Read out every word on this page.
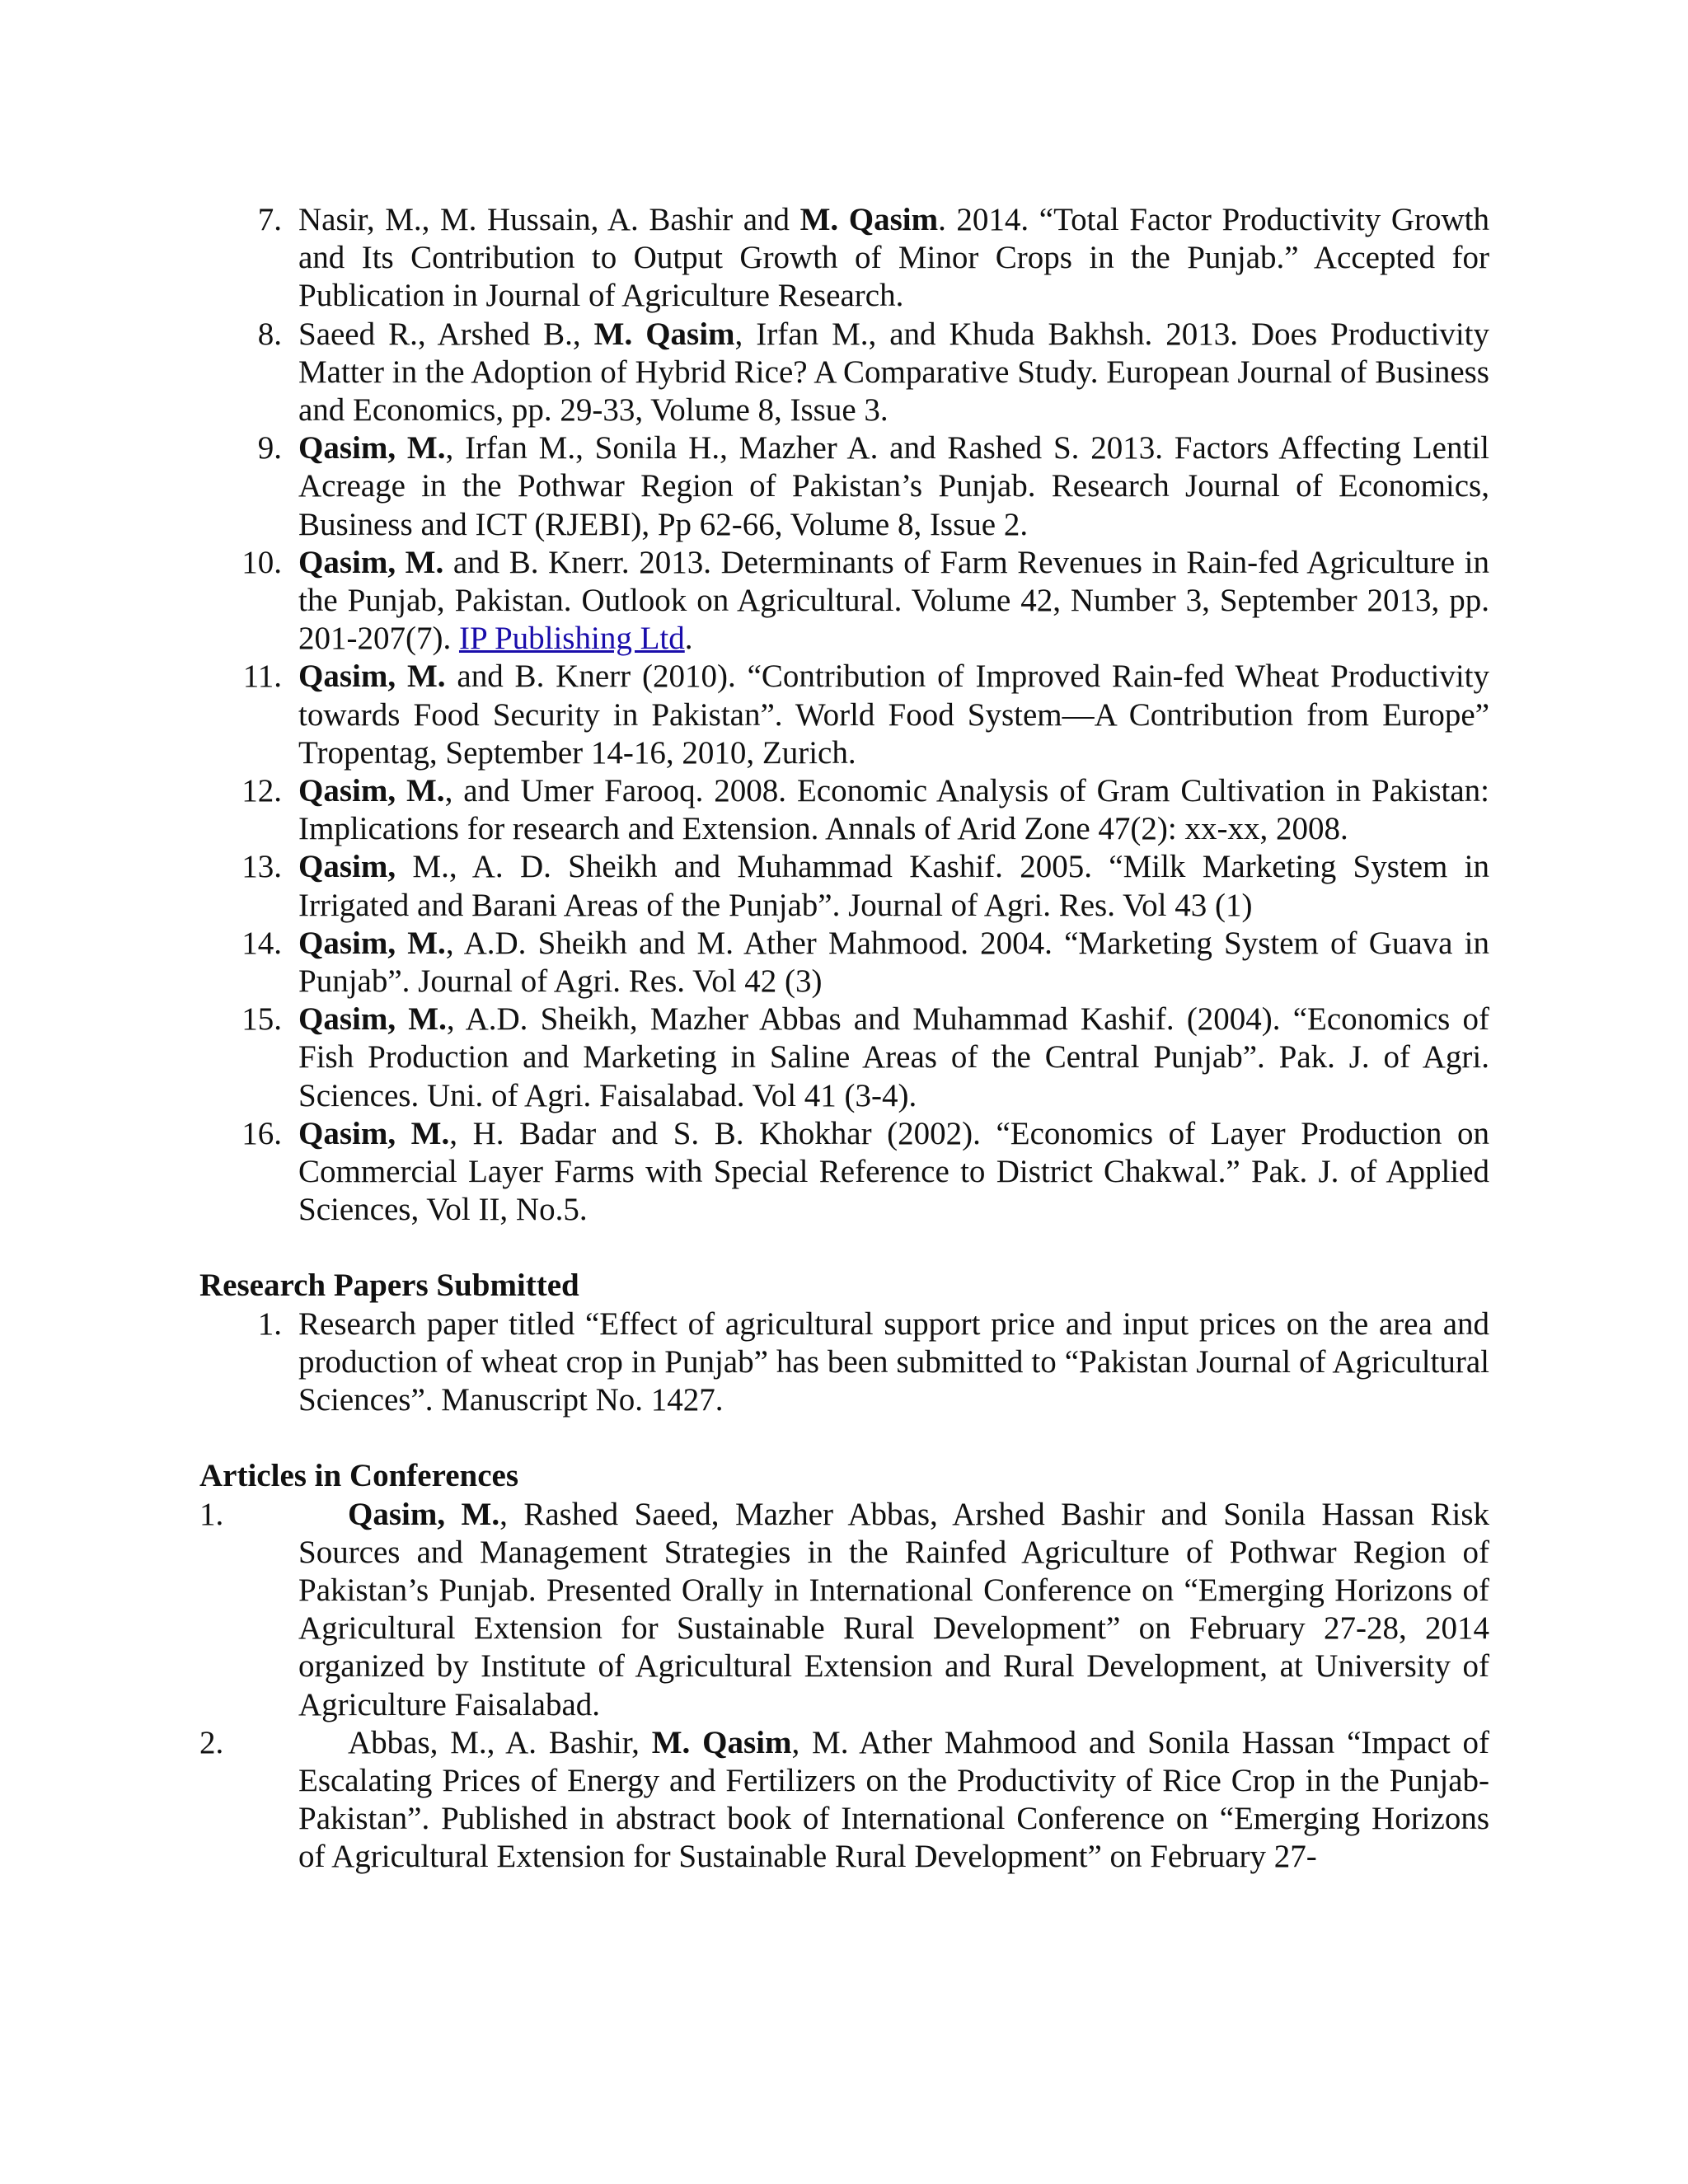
7. Nasir, M., M. Hussain, A. Bashir and M. Qasim. 2014. “Total Factor Productivity Growth and Its Contribution to Output Growth of Minor Crops in the Punjab.” Accepted for Publication in Journal of Agriculture Research.
8. Saeed R., Arshed B., M. Qasim, Irfan M., and Khuda Bakhsh. 2013. Does Productivity Matter in the Adoption of Hybrid Rice? A Comparative Study. European Journal of Business and Economics, pp. 29-33, Volume 8, Issue 3.
9. Qasim, M., Irfan M., Sonila H., Mazher A. and Rashed S. 2013. Factors Affecting Lentil Acreage in the Pothwar Region of Pakistan’s Punjab. Research Journal of Economics, Business and ICT (RJEBI), Pp 62-66, Volume 8, Issue 2.
10. Qasim, M. and B. Knerr. 2013. Determinants of Farm Revenues in Rain-fed Agriculture in the Punjab, Pakistan. Outlook on Agricultural. Volume 42, Number 3, September 2013, pp. 201-207(7). IP Publishing Ltd.
11. Qasim, M. and B. Knerr (2010). “Contribution of Improved Rain-fed Wheat Productivity towards Food Security in Pakistan”. World Food System—A Contribution from Europe” Tropentag, September 14-16, 2010, Zurich.
12. Qasim, M., and Umer Farooq. 2008. Economic Analysis of Gram Cultivation in Pakistan: Implications for research and Extension. Annals of Arid Zone 47(2): xx-xx, 2008.
13. Qasim, M., A. D. Sheikh and Muhammad Kashif. 2005. “Milk Marketing System in Irrigated and Barani Areas of the Punjab”. Journal of Agri. Res. Vol 43 (1)
14. Qasim, M., A.D. Sheikh and M. Ather Mahmood. 2004. “Marketing System of Guava in Punjab”. Journal of Agri. Res. Vol 42 (3)
15. Qasim, M., A.D. Sheikh, Mazher Abbas and Muhammad Kashif. (2004). “Economics of Fish Production and Marketing in Saline Areas of the Central Punjab”. Pak. J. of Agri. Sciences. Uni. of Agri. Faisalabad. Vol 41 (3-4).
16. Qasim, M., H. Badar and S. B. Khokhar (2002). “Economics of Layer Production on Commercial Layer Farms with Special Reference to District Chakwal.” Pak. J. of Applied Sciences, Vol II, No.5.
Research Papers Submitted
1. Research paper titled “Effect of agricultural support price and input prices on the area and production of wheat crop in Punjab” has been submitted to “Pakistan Journal of Agricultural Sciences”. Manuscript No. 1427.
Articles in Conferences
1.	Qasim, M., Rashed Saeed, Mazher Abbas, Arshed Bashir and Sonila Hassan Risk Sources and Management Strategies in the Rainfed Agriculture of Pothwar Region of Pakistan’s Punjab. Presented Orally in International Conference on “Emerging Horizons of Agricultural Extension for Sustainable Rural Development” on February 27-28, 2014 organized by Institute of Agricultural Extension and Rural Development, at University of Agriculture Faisalabad.
2.	Abbas, M., A. Bashir, M. Qasim, M. Ather Mahmood and Sonila Hassan “Impact of Escalating Prices of Energy and Fertilizers on the Productivity of Rice Crop in the Punjab-Pakistan”. Published in abstract book of International Conference on “Emerging Horizons of Agricultural Extension for Sustainable Rural Development” on February 27-
